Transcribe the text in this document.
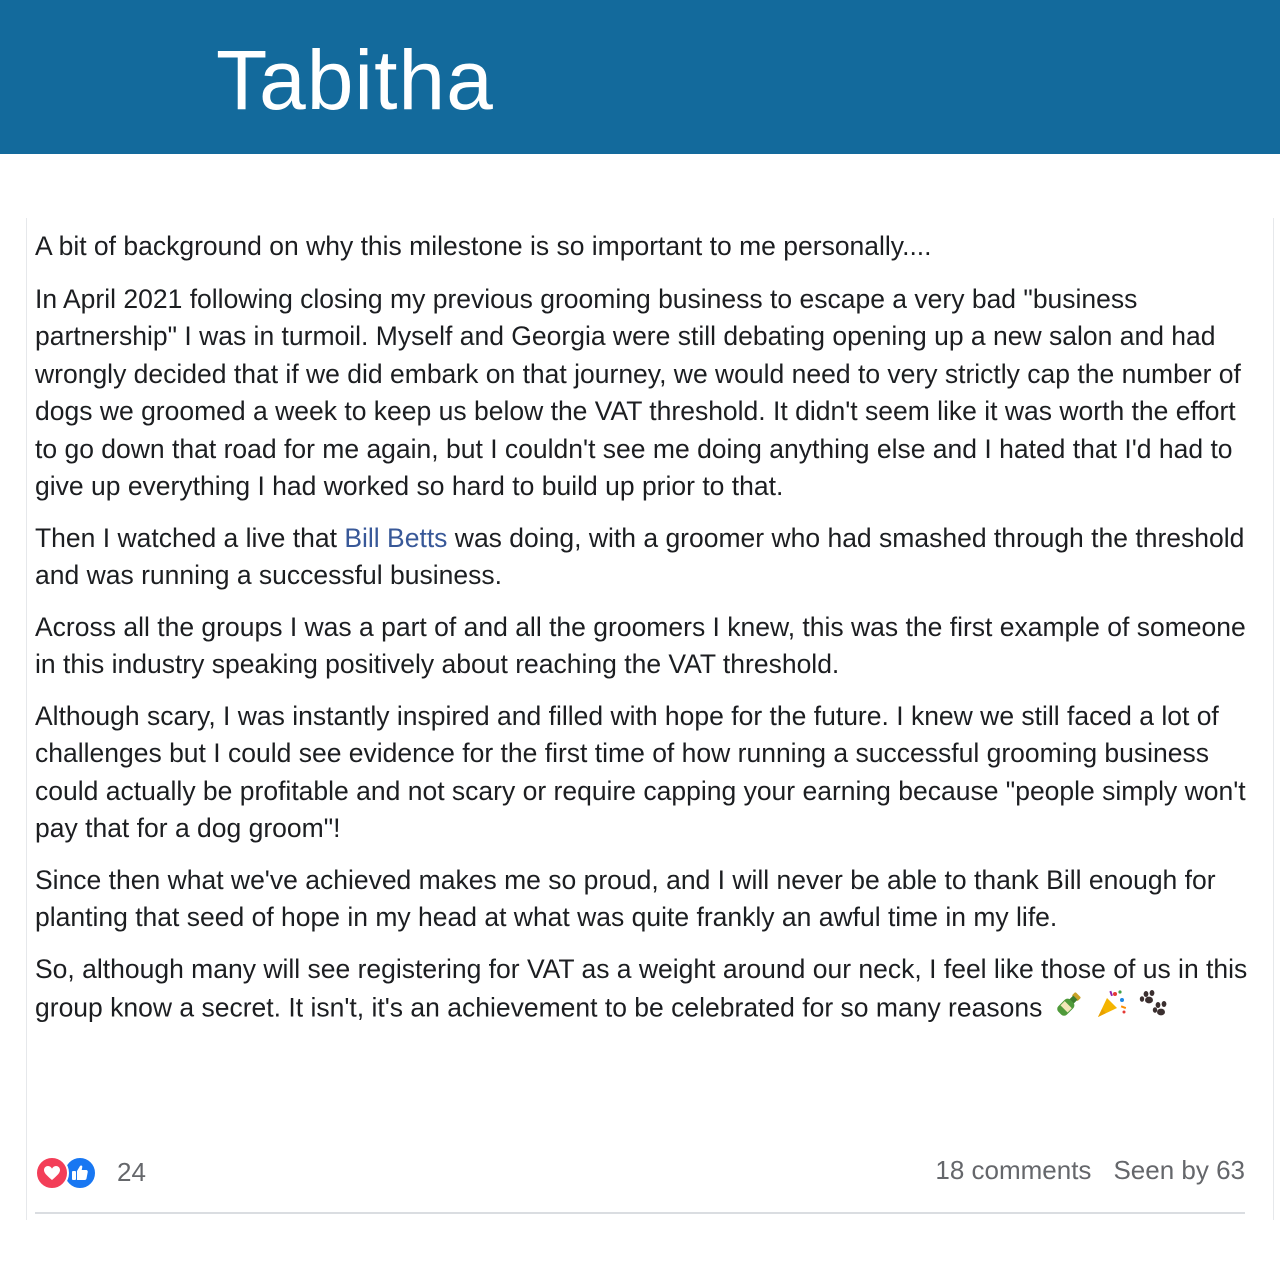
Tabitha

A bit of background on why this milestone is so important to me personally....

In April 2021 following closing my previous grooming business to escape a very bad "business partnership" I was in turmoil. Myself and Georgia were still debating opening up a new salon and had wrongly decided that if we did embark on that journey, we would need to very strictly cap the number of dogs we groomed a week to keep us below the VAT threshold. It didn't seem like it was worth the effort to go down that road for me again, but I couldn't see me doing anything else and I hated that I'd had to give up everything I had worked so hard to build up prior to that.

Then I watched a live that Bill Betts was doing, with a groomer who had smashed through the threshold and was running a successful business.

Across all the groups I was a part of and all the groomers I knew, this was the first example of someone in this industry speaking positively about reaching the VAT threshold.

Although scary, I was instantly inspired and filled with hope for the future. I knew we still faced a lot of challenges but I could see evidence for the first time of how running a successful grooming business could actually be profitable and not scary or require capping your earning because "people simply won't pay that for a dog groom"!

Since then what we've achieved makes me so proud, and I will never be able to thank Bill enough for planting that seed of hope in my head at what was quite frankly an awful time in my life.

So, although many will see registering for VAT as a weight around our neck, I feel like those of us in this group know a secret. It isn't, it's an achievement to be celebrated for so many reasons

24	18 comments Seen by 63
